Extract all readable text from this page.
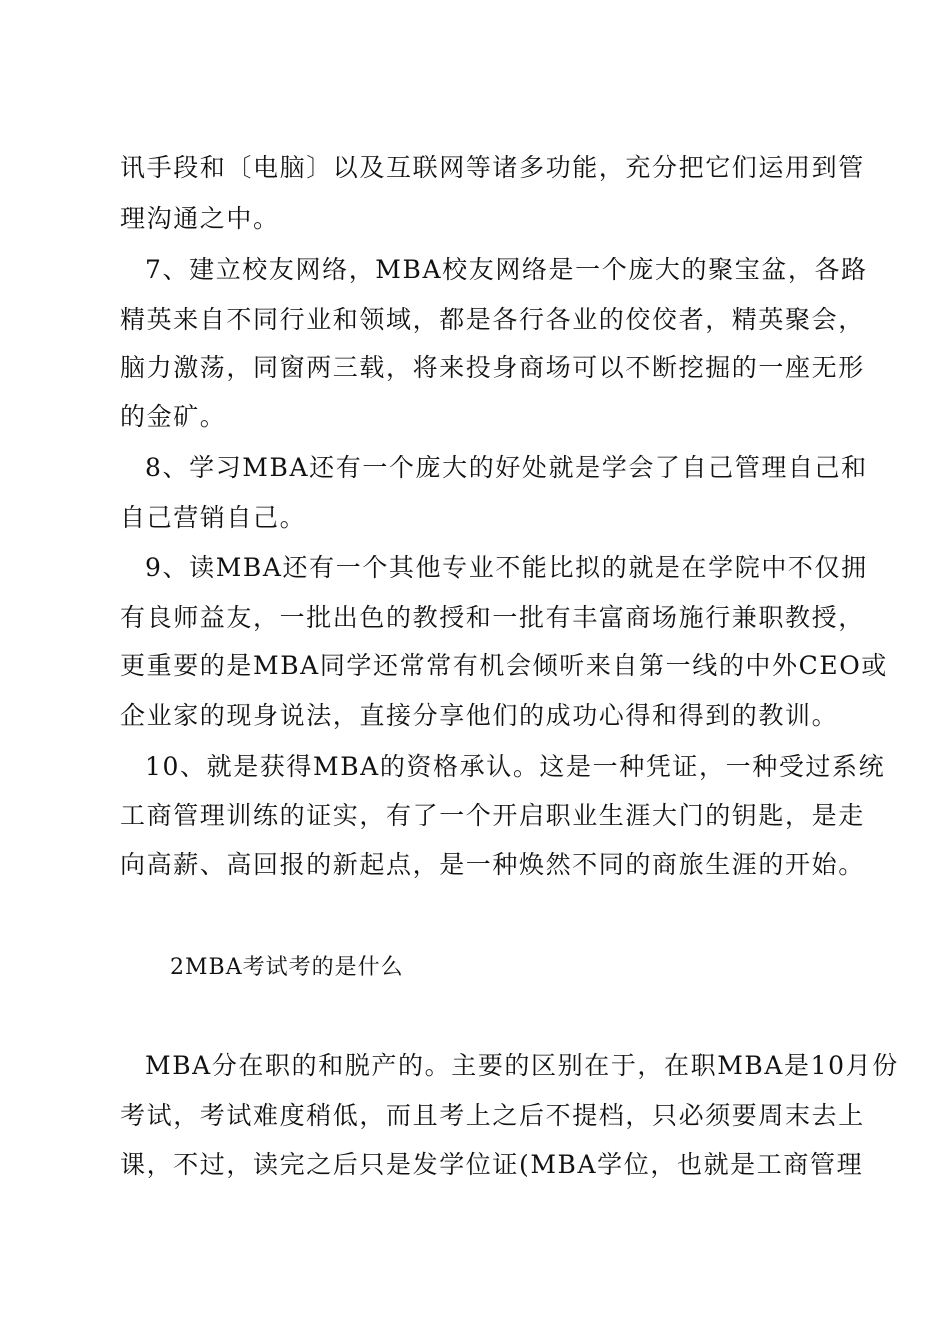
讯手段和〔电脑〕以及互联网等诸多功能，充分把它们运用到管
理沟通之中。
7、建立校友网络，MBA校友网络是一个庞大的聚宝盆，各路
精英来自不同行业和领域，都是各行各业的佼佼者，精英聚会，
脑力激荡，同窗两三载，将来投身商场可以不断挖掘的一座无形
的金矿。
8、学习MBA还有一个庞大的好处就是学会了自己管理自己和
自己营销自己。
9、读MBA还有一个其他专业不能比拟的就是在学院中不仅拥
有良师益友，一批出色的教授和一批有丰富商场施行兼职教授，
更重要的是MBA同学还常常有机会倾听来自第一线的中外CEO或
企业家的现身说法，直接分享他们的成功心得和得到的教训。
10、就是获得MBA的资格承认。这是一种凭证，一种受过系统
工商管理训练的证实，有了一个开启职业生涯大门的钥匙，是走
向高薪、高回报的新起点，是一种焕然不同的商旅生涯的开始。
2MBA考试考的是什么
MBA分在职的和脱产的。主要的区别在于，在职MBA是10月份
考试，考试难度稍低，而且考上之后不提档，只必须要周末去上
课，不过，读完之后只是发学位证(MBA学位，也就是工商管理
